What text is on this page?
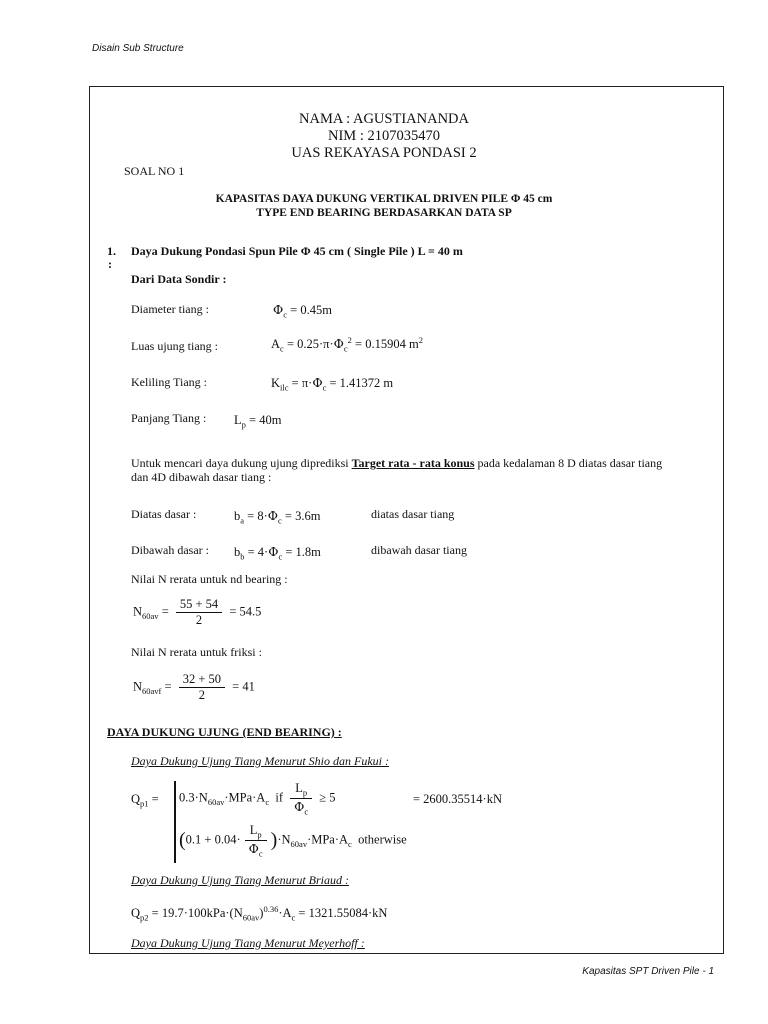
Disain Sub Structure
NAMA : AGUSTIANANDA
NIM : 2107035470
UAS REKAYASA PONDASI 2
SOAL NO 1
KAPASITAS DAYA DUKUNG VERTIKAL DRIVEN PILE Φ 45 cm
TYPE END BEARING BERDASARKAN DATA SP
1.
:
Daya Dukung Pondasi Spun Pile Φ 45 cm ( Single Pile ) L = 40 m
Dari Data Sondir :
Diameter tiang :	$\Phi_c = 0.45m$
Luas ujung tiang :	$A_c = 0.25\cdot\pi\cdot\Phi_c^2 = 0.15904$ $m^2$
Keliling Tiang :	$K_{ilc} = \pi\cdot\Phi_c = 1.41372$ m
Panjang Tiang : $L_p = 40m$
Untuk mencari daya dukung ujung diprediksi Target rata - rata konus pada kedalaman 8 D diatas dasar tiang
dan 4D dibawah dasar tiang :
Diatas dasar :	$b_a = 8\cdot\Phi_c = 3.6m$	diatas dasar tiang
Dibawah dasar : $b_b = 4\cdot\Phi_c = 1.8m$	dibawah dasar tiang
Nilai N rerata untuk nd bearing :
$N_{60av} = \frac{55 + 54}{2} = 54.5$
Nilai N rerata untuk friksi :
$N_{60avf} = \frac{32 + 50}{2} = 41$
DAYA DUKUNG UJUNG (END BEARING) :
Daya Dukung Ujung Tiang Menurut Shio dan Fukui :
$Q_{p1} = 0.3\cdot N_{60av}\cdot MPa\cdot A_c$  if $\frac{L_p}{\Phi_c} \ge 5$	= 2600.35514·kN
$(0.1 + 0.04\cdot \frac{L_p}{\Phi_c} )\cdot N_{60av}\cdot MPa\cdot A_c$  otherwise
Daya Dukung Ujung Tiang Menurut Briaud :
$Q_{p2} = 19.7\cdot 100kPa\cdot(N_{60av})^{0.36}\cdot A_c = 1321.55084\cdot kN$
Daya Dukung Ujung Tiang Menurut Meyerhoff :
Kapasitas SPT Driven Pile - 1
